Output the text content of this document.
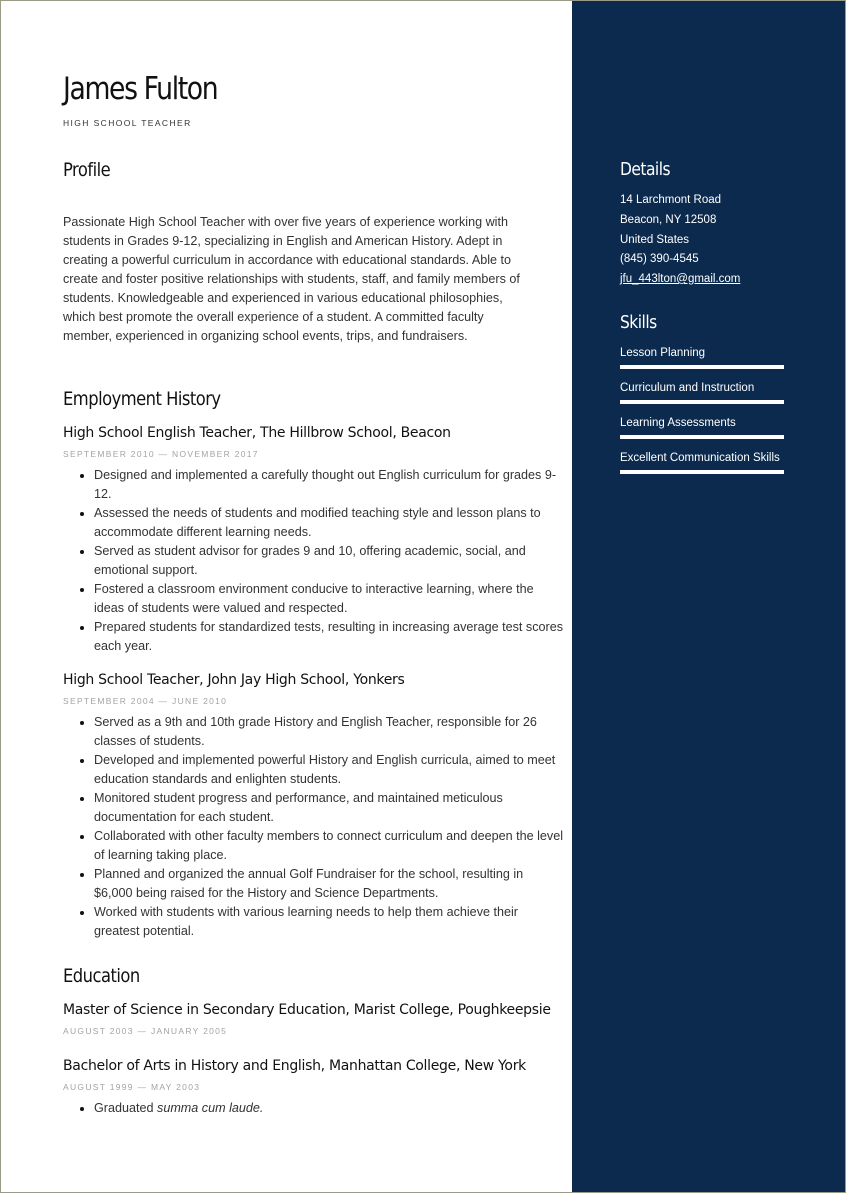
James Fulton
HIGH SCHOOL TEACHER
Profile

Passionate High School Teacher with over five years of experience working with students in Grades 9-12, specializing in English and American History. Adept in creating a powerful curriculum in accordance with educational standards. Able to create and foster positive relationships with students, staff, and family members of students. Knowledgeable and experienced in various educational philosophies, which best promote the overall experience of a student. A committed faculty member, experienced in organizing school events, trips, and fundraisers.

Employment History
High School English Teacher, The Hillbrow School, Beacon
SEPTEMBER 2010 — NOVEMBER 2017
• Designed and implemented a carefully thought out English curriculum for grades 9-12.
• Assessed the needs of students and modified teaching style and lesson plans to accommodate different learning needs.
• Served as student advisor for grades 9 and 10, offering academic, social, and emotional support.
• Fostered a classroom environment conducive to interactive learning, where the ideas of students were valued and respected.
• Prepared students for standardized tests, resulting in increasing average test scores each year.
High School Teacher, John Jay High School, Yonkers
SEPTEMBER 2004 — JUNE 2010
• Served as a 9th and 10th grade History and English Teacher, responsible for 26 classes of students.
• Developed and implemented powerful History and English curricula, aimed to meet education standards and enlighten students.
• Monitored student progress and performance, and maintained meticulous documentation for each student.
• Collaborated with other faculty members to connect curriculum and deepen the level of learning taking place.
• Planned and organized the annual Golf Fundraiser for the school, resulting in $6,000 being raised for the History and Science Departments.
• Worked with students with various learning needs to help them achieve their greatest potential.
Education
Master of Science in Secondary Education, Marist College, Poughkeepsie
AUGUST 2003 — JANUARY 2005
Bachelor of Arts in History and English, Manhattan College, New York
AUGUST 1999 — MAY 2003
• Graduated summa cum laude.
Details
14 Larchmont Road
Beacon, NY 12508
United States
(845) 390-4545
jfu_443lton@gmail.com
Skills
Lesson Planning
Curriculum and Instruction
Learning Assessments
Excellent Communication Skills
